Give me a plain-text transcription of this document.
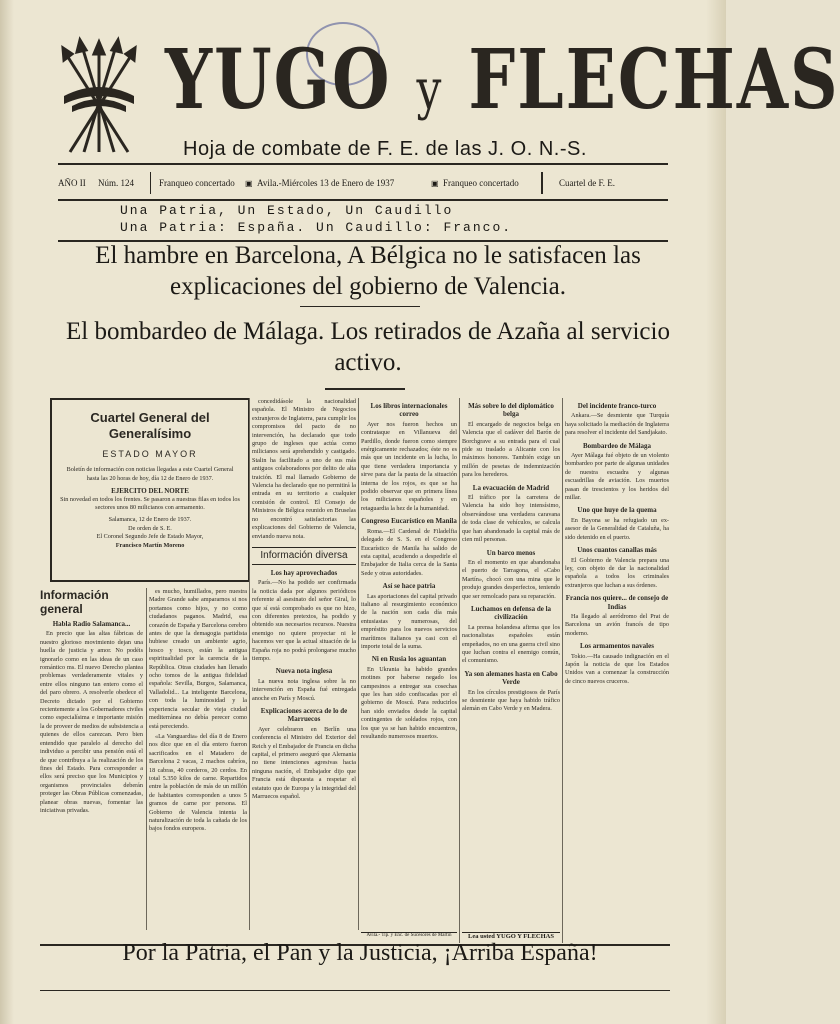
YUGO y FLECHAS
Hoja de combate de F. E. de las J. O. N.-S.
AÑO II	Núm. 124	Franqueo concertado	▣ Avila.-Miércoles 13 de Enero de 1937	▣ Franqueo concertado	Cuartel de F. E.
Una Patria, Un Estado, Un Caudillo
Una Patria: España. Un Caudillo: Franco.
El hambre en Barcelona, A Bélgica no le satisfacen las explicaciones del gobierno de Valencia.
El bombardeo de Málaga. Los retirados de Azaña al servicio activo.
Cuartel General del Generalísimo
ESTADO MAYOR
Boletín de información con noticias llegadas a este Cuartel General hasta las 20 horas de hoy, día 12 de Enero de 1937.
EJERCITO DEL NORTE
Sin novedad en todos los frentes. Se pasaron a nuestras filas en todos los sectores unos 80 milicianos con armamento.
Salamanca, 12 de Enero de 1937.
De orden de S. E.
El Coronel Segundo Jefe de Estado Mayor,
Francisco Martín Moreno
Información general
Habla Radio Salamanca...

En precio que las altas fábricas de nuestro glorioso movimiento dejan una huella de justicia y amor. No podéis ignorarlo como en las ideas de un caso romántico ms. El nuevo Derecho plantea problemas verdaderamente vitales y entre ellos ninguno tan entero como el del paro obrero. A resolverle obedece el Decreto dictado por el Gobierno recientemente a los Gobernadores civiles como especialísima e importante misión la de proveer de medios de subsistencia a quienes de ellos carezcan. Pero bien entendido que paralelo al derecho del individuo a percibir una pensión está el de que contribuya a la realización de los fines del Estado. Para corresponder a ellos será preciso que los Municipios y organismos provinciales deberán proteger las Obras Públicas comenzadas, planear obras nuevas, fomentar las iniciativas privadas.

es mucho, humillados, pero nuestra Madre Grande sabe ampararnos si nos portamos como hijos, y no como ciudadanos paganos. Madrid, esa corazón de España y Barcelona cerebro antes de que la demagogia partidista hubiese creado un ambiente agrio, hosco y tosco, están la antigua espiritualidad por la carencia de la República. Otras ciudades han llenado ocho tomos de la antigua fidelidad española: Sevilla, Burgos, Salamanca, Valladolid... La inteligente Barcelona, con toda la luminosidad y la experiencia secular de vieja ciudad mediterránea no debía perecer como está pereciendo.

«La Vanguardia» del día 8 de Enero nos dice que en el día entero fueron sacrificados en el Matadero de Barcelona 2 vacas, 2 machos cabríos, 18 cabras, 40 corderos, 20 cerdos. En total 5.350 kilos de carne. Repartidos entre la población de más de un millón de habitantes corresponden a unos 5 gramos de carne por persona. El Gobierno de Valencia intenta la naturalización de toda la cañada de los bajos fondos europeos.

concedidásole la nacionalidad española. El Ministro de Negocios extranjeros de Inglaterra, para cumplir los compromisos del pacto de no intervención, ha declarado que todo grupo de ingleses que actúa como milicianos será aprehendido y castigado. Stalin ha facilitado a uno de sus más antiguos colaboradores por delito de alta traición. El mal llamado Gobierno de Valencia ha declarado que no permitirá la entrada en su territorio a cualquier comisión de control. El Consejo de Ministros de Bélgica reunido en Bruselas no encontró satisfactorias las explicaciones del Gobierno de Valencia, enviando nueva nota.

Información diversa
Los hay aprovechados

París.—No ha podido ser confirmada la noticia dada por algunos periódicos referente al asesinato del señor Giral, lo que sí está comprobado es que no hizo, con diferentes pretextos, ha podido y obtenido sus necesarios recursos. Nuestra enemigo no quiere proyectar ni le hacemos ver que la actual situación de la España roja no podrá prolongarse mucho tiempo.

Nueva nota inglesa

La nueva nota inglesa sobre la no intervención en España fué entregada anoche en París y Moscú.

Explicaciones acerca de lo de Marruecos

Ayer celebraron en Berlín una conferencia el Ministro del Exterior del Reich y el Embajador de Francia en dicha capital, el primero aseguró que Alemania no tiene intenciones agresivas hacia ninguna nación, el Embajador dijo que Francia está dispuesta a respetar el estatuto quo de Europa y la integridad del Marruecos español.

Los libros internacionales correo

Ayer nos fueron hechos un contrataque en Villanueva del Pardillo, donde fueron como siempre enérgicamente rechazados; éste no es más que un incidente en la lucha, lo que tiene verdadera importancia y sirve para dar la pauta de la situación interna de los rojos, es que se ha podido observar que en primera línea los milicianos españoles y en retaguardia la hez de la humanidad.

Congreso Eucarístico en Manila

Roma.—El Cardenal de Filadelfia delegado de S. S. en el Congreso Eucarístico de Manila ha salido de esta capital, acudiendo a despedirle el Embajador de Italia cerca de la Santa Sede y otras autoridades.

Así se hace patria

Las aportaciones del capital privado italiano al resurgimiento económico de la nación son cada día más entusiastas y numerosas, del empréstito para los nuevos servicios marítimos italianos ya casi con el importe total de la suma.

Ni en Rusia los aguantan

En Ukrania ha habido grandes motines por haberse negado los campesinos a entregar sus cosechas que les han sido confiscadas por el gobierno de Moscú. Para reducirlos han sido enviados desde la capital contingentes de soldados rojos, con los que ya se han habido encuentros, resultando numerosos muertos.

Avila.- Tip. y Enc. de Sucesores de Martín
Más sobre lo del diplomático belga

El encargado de negocios belga en Valencia que el cadáver del Barón de Borchgrave a su entrada para el cual pide su traslado a Alicante con los máximos honores. También exige un millón de pesetas de indemnización para los herederos.

La evacuación de Madrid

El tráfico por la carretera de Valencia ha sido hoy intensísimo, observándose una verdadera caravana de toda clase de vehículos, se calcula que han abandonado la capital más de cien mil personas.

Un barco menos

En el momento en que abandonaba el puerto de Tarragona, el «Cabo Martín», chocó con una mina que le produjo grandes desperfectos, teniendo que ser remolcado para su reparación.

Luchamos en defensa de la civilización

La prensa holandesa afirma que los nacionalistas españoles están empeñados, no en una guerra civil sino que luchan contra el enemigo común, el comunismo.

Ya son alemanes hasta en Cabo Verde

En los círculos prestigiosos de París se desmiente que haya habido tráfico alemán en Cabo Verde y en Madera.

Lea usted YUGO Y FLECHAS
Del incidente franco-turco

Ankara.—Se desmiente que Turquía haya solicitado la mediación de Inglaterra para resolver el incidente del Sandjakato.

Bombardeo de Málaga

Ayer Málaga fué objeto de un violento bombardeo por parte de algunas unidades de nuestra escuadra y algunas escuadrillas de aviación. Los muertos pasan de trescientos y los heridos del millar.

Uno que huye de la quema

En Bayona se ha refugiado un ex-asesor de la Generalidad de Cataluña, ha sido detenido en el puerto.

Unos cuantos canallas más

El Gobierno de Valencia prepara una ley, con objeto de dar la nacionalidad española a todos los criminales extranjeros que luchan a sus órdenes.

Francia nos quiere... de consejo de Indias

Ha llegado al aeródromo del Prat de Barcelona un avión francés de tipo moderno.

Los armamentos navales

Tokio.—Ha causado indignación en el Japón la noticia de que los Estados Unidos van a comenzar la construcción de cinco nuevos cruceros.

Por la Patria, el Pan y la Justicia, ¡Arriba España!
